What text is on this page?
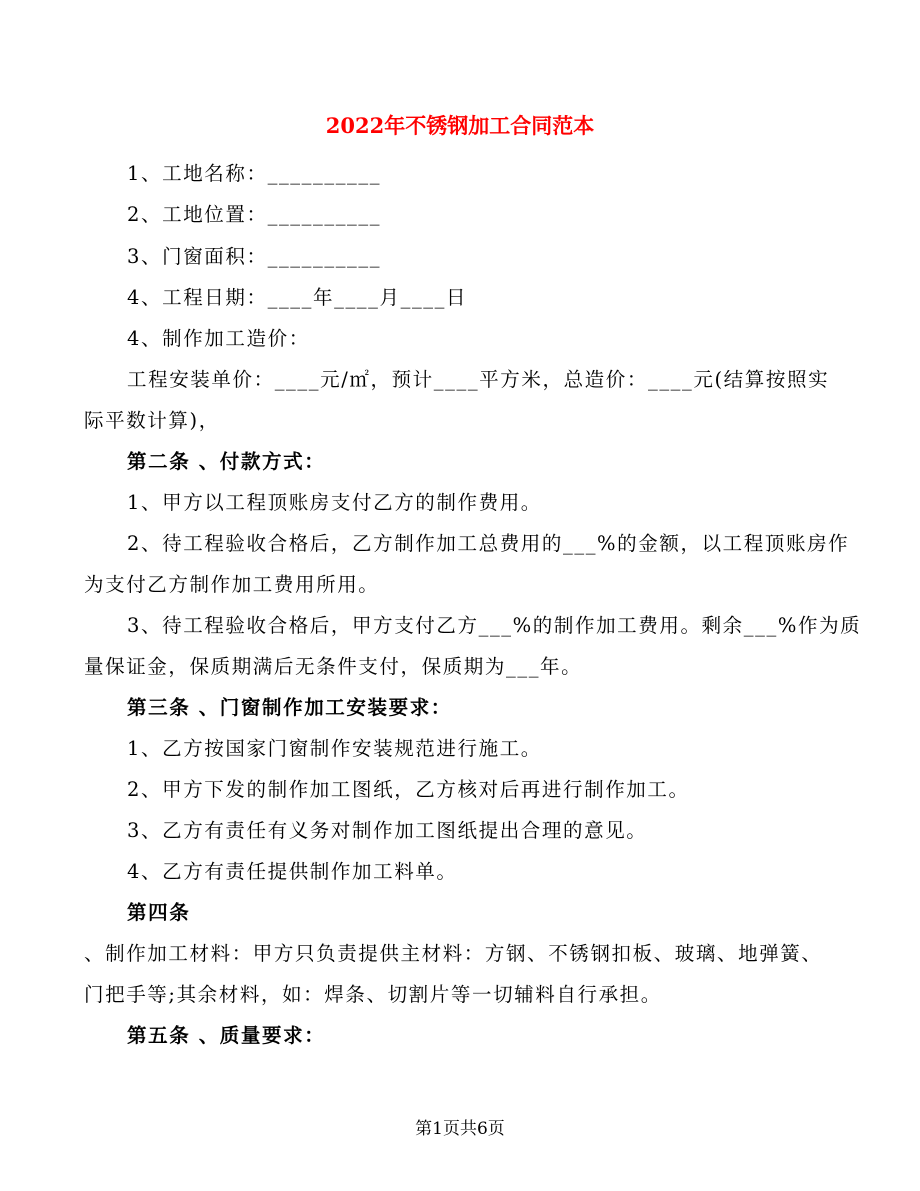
2022年不锈钢加工合同范本
1、工地名称：__________
2、工地位置：__________
3、门窗面积：__________
4、工程日期：____年____月____日
4、制作加工造价：
工程安装单价：____元/㎡，预计____平方米，总造价：____元(结算按照实
际平数计算)，
第二条 、付款方式：
1、甲方以工程顶账房支付乙方的制作费用。
2、待工程验收合格后，乙方制作加工总费用的___%的金额，以工程顶账房作
为支付乙方制作加工费用所用。
3、待工程验收合格后，甲方支付乙方___%的制作加工费用。剩余___%作为质
量保证金，保质期满后无条件支付，保质期为___年。
第三条 、门窗制作加工安装要求：
1、乙方按国家门窗制作安装规范进行施工。
2、甲方下发的制作加工图纸，乙方核对后再进行制作加工。
3、乙方有责任有义务对制作加工图纸提出合理的意见。
4、乙方有责任提供制作加工料单。
第四条
、制作加工材料：甲方只负责提供主材料：方钢、不锈钢扣板、玻璃、地弹簧、
门把手等;其余材料，如：焊条、切割片等一切辅料自行承担。
第五条 、质量要求：
第1页共6页
